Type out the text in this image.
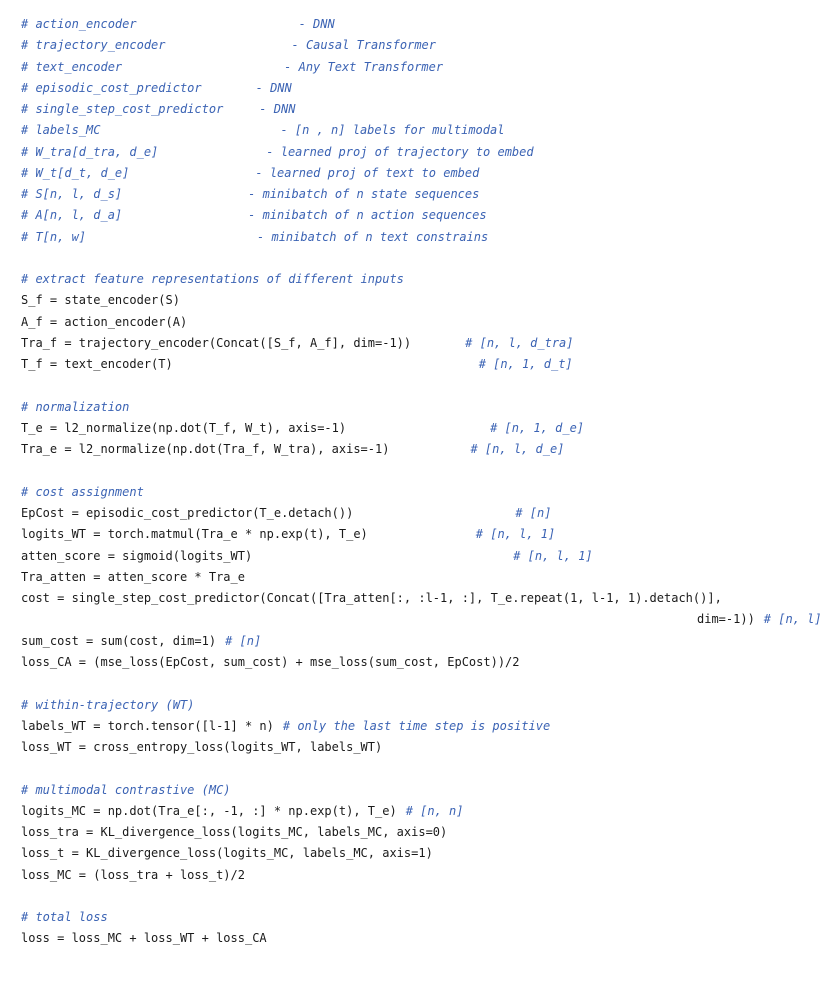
# action_encoder	- DNN
# trajectory_encoder	- Causal Transformer
# text_encoder	- Any Text Transformer
# episodic_cost_predictor	- DNN
# single_step_cost_predictor	- DNN
# labels_MC	- [n , n] labels for multimodal
# W_tra[d_tra, d_e]	- learned proj of trajectory to embed
# W_t[d_t, d_e]	- learned proj of text to embed
# S[n, l, d_s]	- minibatch of n state sequences
# A[n, l, d_a]	- minibatch of n action sequences
# T[n, w]	- minibatch of n text constrains

# extract feature representations of different inputs
S_f = state_encoder(S)
A_f = action_encoder(A)
Tra_f = trajectory_encoder(Concat([S_f, A_f], dim=-1))	# [n, l, d_tra]
T_f = text_encoder(T)	# [n, 1, d_t]

# normalization
T_e = l2_normalize(np.dot(T_f, W_t), axis=-1)	# [n, 1, d_e]
Tra_e = l2_normalize(np.dot(Tra_f, W_tra), axis=-1)	# [n, l, d_e]

# cost assignment
EpCost = episodic_cost_predictor(T_e.detach())	# [n]
logits_WT = torch.matmul(Tra_e * np.exp(t), T_e)	# [n, l, 1]
atten_score = sigmoid(logits_WT)	# [n, l, 1]
Tra_atten = atten_score * Tra_e
cost = single_step_cost_predictor(Concat([Tra_atten[:, :l-1, :], T_e.repeat(1, l-1, 1).detach()],
dim=-1)) # [n, l]
sum_cost = sum(cost, dim=1) # [n]
loss_CA = (mse_loss(EpCost, sum_cost) + mse_loss(sum_cost, EpCost))/2

# within-trajectory (WT)
labels_WT = torch.tensor([l-1] * n) # only the last time step is positive
loss_WT = cross_entropy_loss(logits_WT, labels_WT)

# multimodal contrastive (MC)
logits_MC = np.dot(Tra_e[:, -1, :] * np.exp(t), T_e) # [n, n]
loss_tra = KL_divergence_loss(logits_MC, labels_MC, axis=0)
loss_t = KL_divergence_loss(logits_MC, labels_MC, axis=1)
loss_MC = (loss_tra + loss_t)/2

# total loss
loss = loss_MC + loss_WT + loss_CA
